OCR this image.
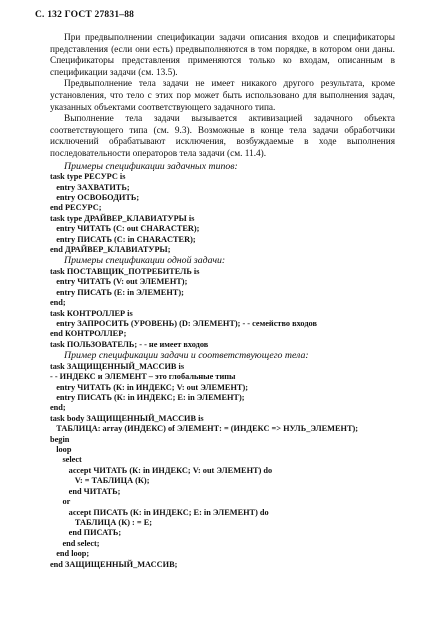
С. 132 ГОСТ 27831–88

При предвыполнении спецификации задачи описания входов и спецификаторы представления (если они есть) предвыполняются в том порядке, в котором они даны. Спецификаторы представления применяются только ко входам, описанным в спецификации задачи (см. 13.5).

Предвыполнение тела задачи не имеет никакого другого результата, кроме установления, что тело с этих пор может быть использовано для выполнения задач, указанных объектами соответствующего задачного типа.

Выполнение тела задачи вызывается активизацией задачного объекта соответствующего типа (см. 9.3). Возможные в конце тела задачи обработчики исключений обрабатывают исключения, возбуждаемые в ходе выполнения последовательности операторов тела задачи (см. 11.4).

Примеры спецификации задачных типов:

task type РЕСУРС is
entry ЗАХВАТИТЬ;
entry ОСВОБОДИТЬ;
end РЕСУРС;
task type ДРАЙВЕР_КЛАВИАТУРЫ is
entry ЧИТАТЬ (С: out CHARACTER);
entry ПИСАТЬ (С: in CHARACTER);
end ДРАЙВЕР_КЛАВИАТУРЫ;

Примеры спецификации одной задачи:

task ПОСТАВЩИК_ПОТРЕБИТЕЛЬ is
entry ЧИТАТЬ (V: out ЭЛЕМЕНТ);
entry ПИСАТЬ (Е: in ЭЛЕМЕНТ);
end;
task КОНТРОЛЛЕР is
entry ЗАПРОСИТЬ (УРОВЕНЬ) (D: ЭЛЕМЕНТ); - - семейство входов
end КОНТРОЛЛЕР;
task ПОЛЬЗОВАТЕЛЬ; - - не имеет входов

Пример спецификации задачи и соответствующего тела:

task ЗАЩИЩЕННЫЙ_МАССИВ is
- - ИНДЕКС и ЭЛЕМЕНТ – это глобальные типы
entry ЧИТАТЬ (К: in ИНДЕКС; V: out ЭЛЕМЕНТ);
entry ПИСАТЬ (К: in ИНДЕКС; Е: in ЭЛЕМЕНТ);
end;
task body ЗАЩИЩЕННЫЙ_МАССИВ is
ТАБЛИЦА: array (ИНДЕКС) of ЭЛЕМЕНТ: = (ИНДЕКС => НУЛЬ_ЭЛЕМЕНТ);
begin
loop
select
accept ЧИТАТЬ (К: in ИНДЕКС; V: out ЭЛЕМЕНТ) do
V: = ТАБЛИЦА (К);
end ЧИТАТЬ;
or
accept ПИСАТЬ (К: in ИНДЕКС; Е: in ЭЛЕМЕНТ) do
ТАБЛИЦА (К) : = Е;
end ПИСАТЬ;
end select;
end loop;
end ЗАЩИЩЕННЫЙ_МАССИВ;
